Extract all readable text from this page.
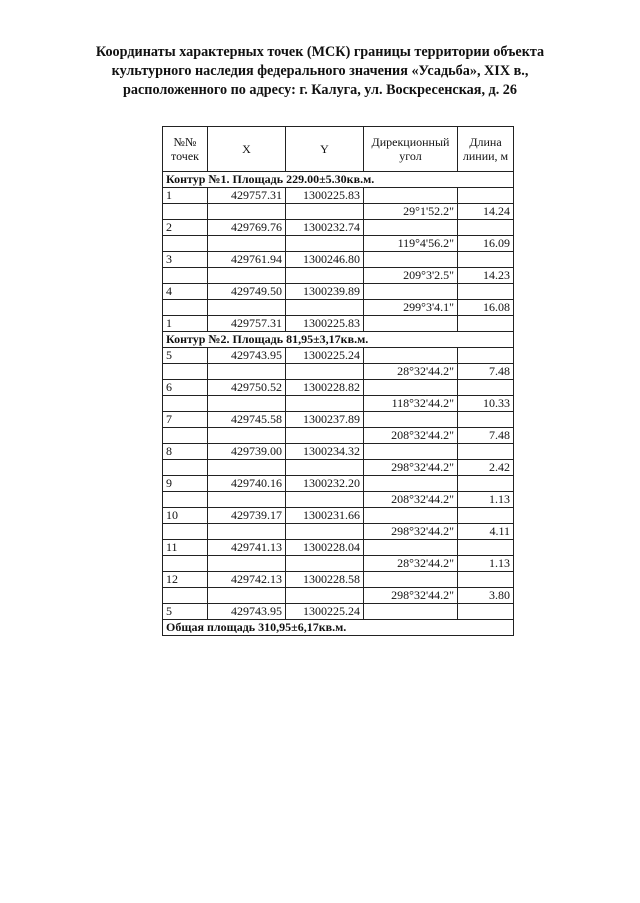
Координаты характерных точек (МСК) границы территории объекта
культурного наследия федерального значения «Усадьба», XIX в.,
расположенного по адресу: г. Калуга, ул. Воскресенская, д. 26
№№ точек	X	Y	Дирекционный угол	Длина линии, м
Контур №1. Площадь 229.00±5.30кв.м.				
1	429757.31	1300225.83		
			29°1'52.2"	14.24
2	429769.76	1300232.74		
			119°4'56.2"	16.09
3	429761.94	1300246.80		
			209°3'2.5"	14.23
4	429749.50	1300239.89		
			299°3'4.1"	16.08
1	429757.31	1300225.83		
Контур №2. Площадь 81,95±3,17кв.м.				
5	429743.95	1300225.24		
			28°32'44.2"	7.48
6	429750.52	1300228.82		
			118°32'44.2"	10.33
7	429745.58	1300237.89		
			208°32'44.2"	7.48
8	429739.00	1300234.32		
			298°32'44.2"	2.42
9	429740.16	1300232.20		
			208°32'44.2"	1.13
10	429739.17	1300231.66		
			298°32'44.2"	4.11
11	429741.13	1300228.04		
			28°32'44.2"	1.13
12	429742.13	1300228.58		
			298°32'44.2"	3.80
5	429743.95	1300225.24		
Общая площадь 310,95±6,17кв.м.				
